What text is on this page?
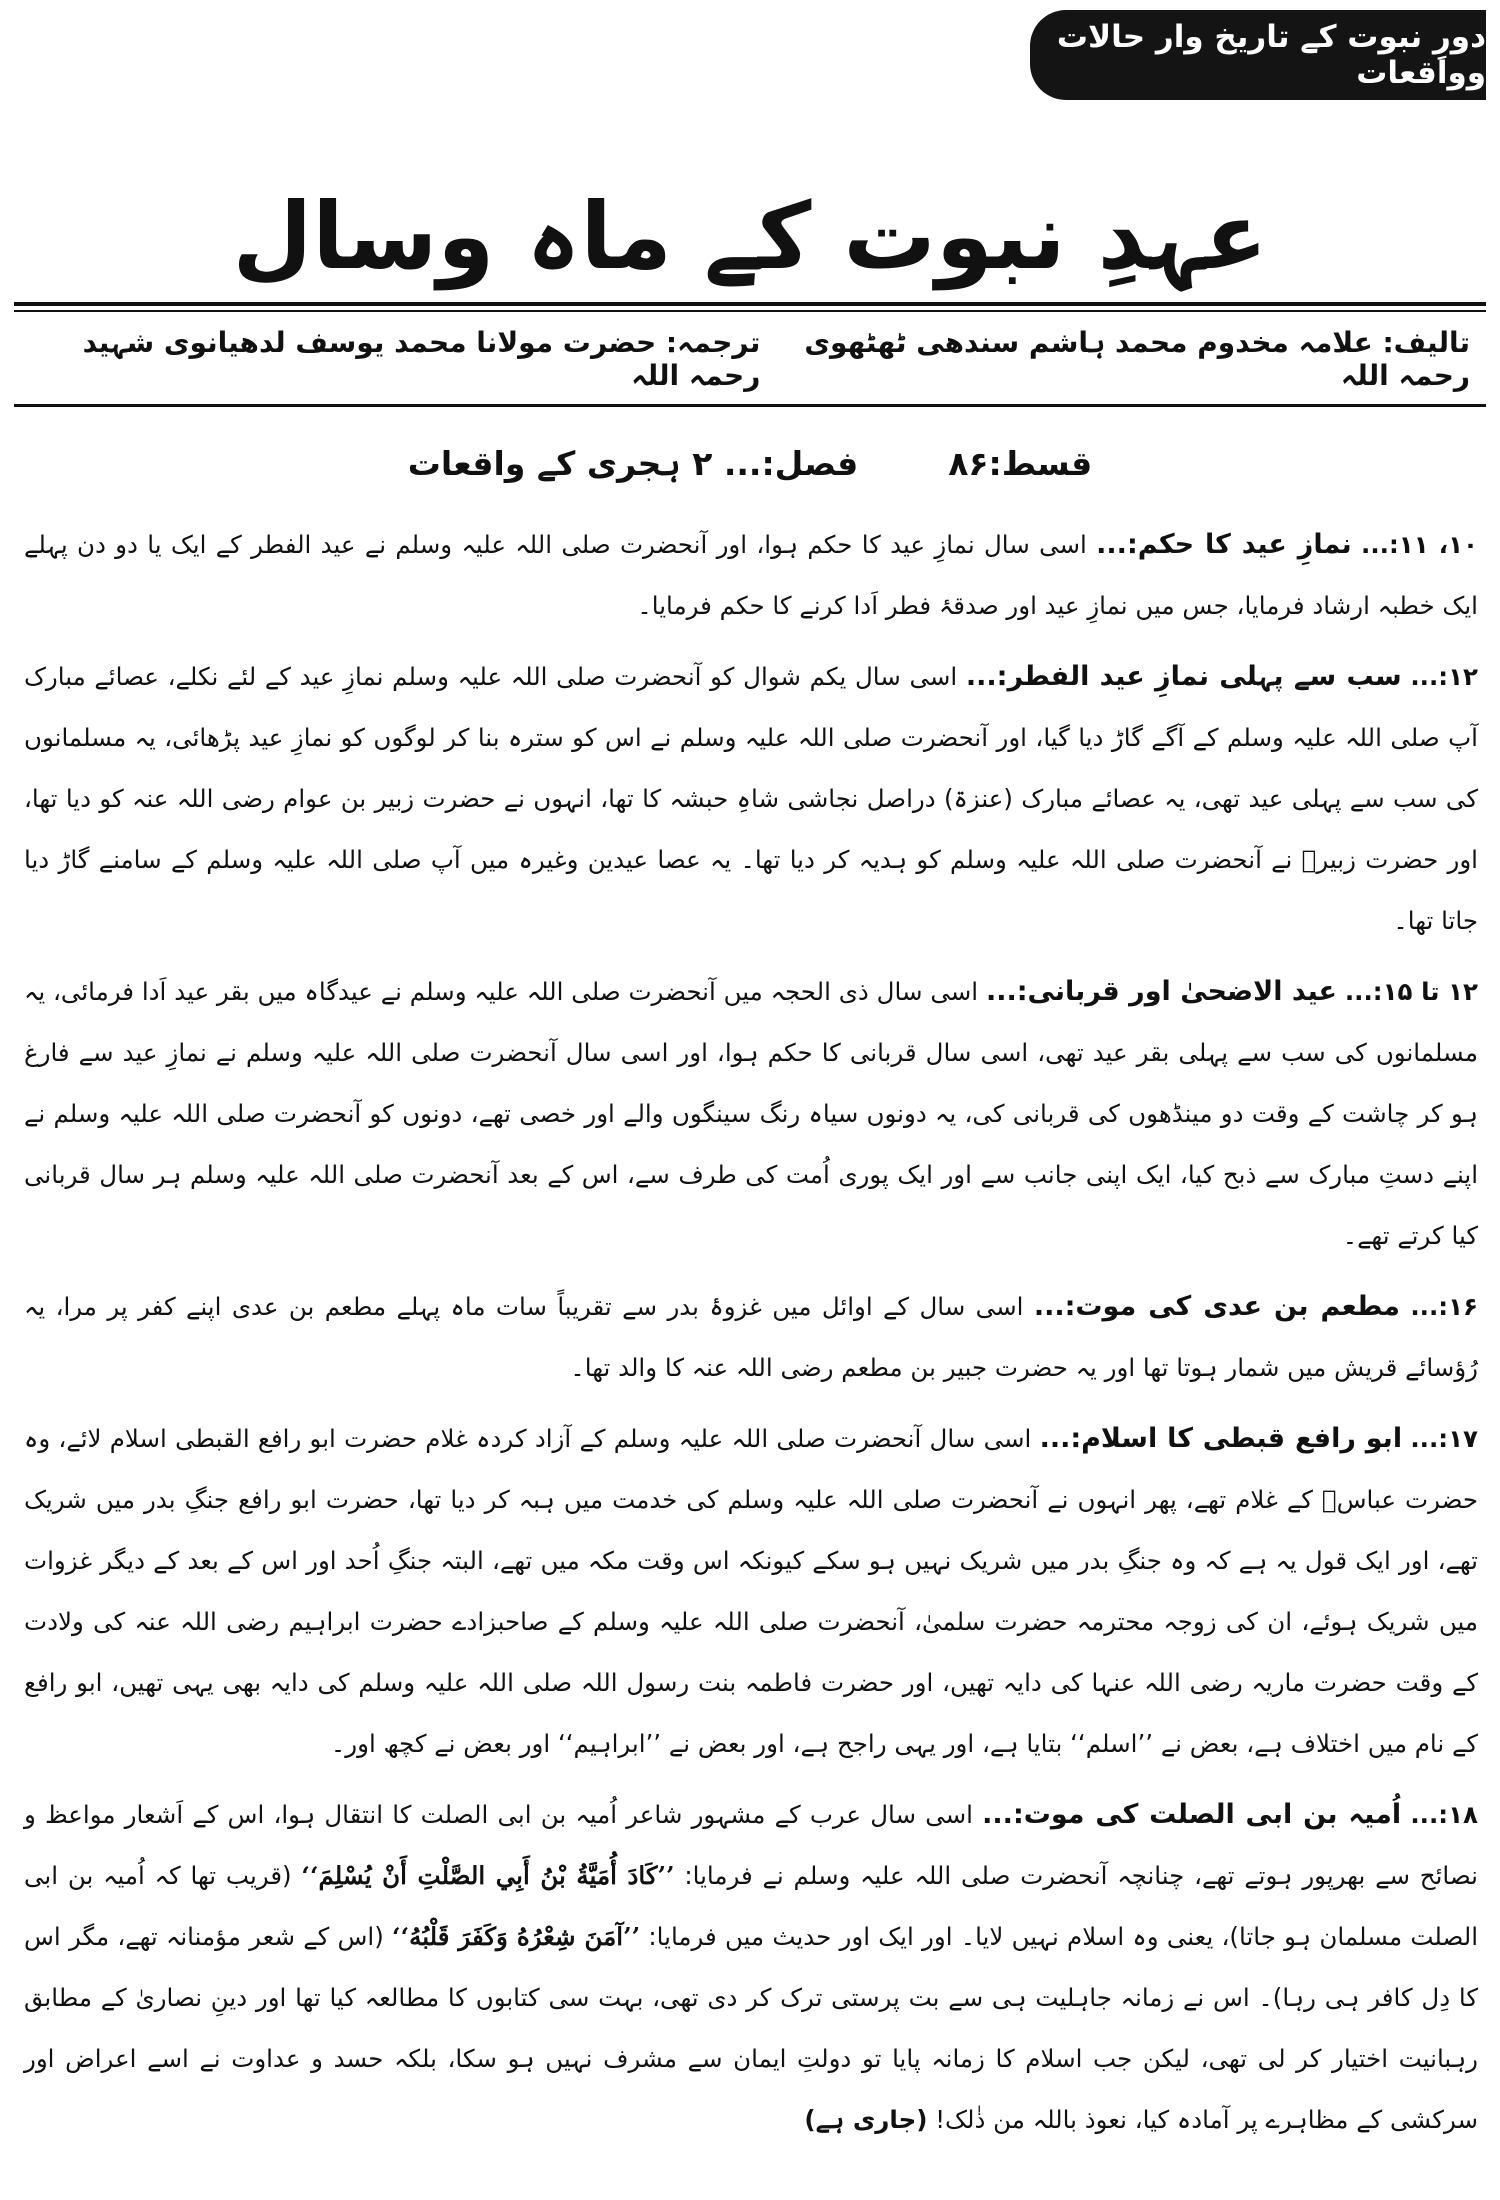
دورِ نبوت کے تاریخ وار حالات وواقعات
عہدِ نبوت کے ماہ وسال
تالیف: علامہ مخدوم محمد ہاشم سندھی ٹھٹھوی رحمہ اللہ
ترجمہ: حضرت مولانا محمد یوسف لدھیانوی شہید رحمہ اللہ
قسط:۸۶
فصل:... ۲ ہجری کے واقعات

۱۰، ۱۱:... نمازِ عید کا حکم:... اسی سال نمازِ عید کا حکم ہوا، اور آنحضرت صلی اللہ علیہ وسلم نے عید الفطر کے ایک یا دو دن پہلے ایک خطبہ ارشاد فرمایا، جس میں نمازِ عید اور صدقۂ فطر اَدا کرنے کا حکم فرمایا۔

۱۲:... سب سے پہلی نمازِ عید الفطر:... اسی سال یکم شوال کو آنحضرت صلی اللہ علیہ وسلم نمازِ عید کے لئے نکلے، عصائے مبارک آپ صلی اللہ علیہ وسلم کے آگے گاڑ دیا گیا، اور آنحضرت صلی اللہ علیہ وسلم نے اس کو سترہ بنا کر لوگوں کو نمازِ عید پڑھائی، یہ مسلمانوں کی سب سے پہلی عید تھی، یہ عصائے مبارک (عنزۃ) دراصل نجاشی شاہِ حبشہ کا تھا، انہوں نے حضرت زبیر بن عوام رضی اللہ عنہ کو دیا تھا، اور حضرت زبیرؓ نے آنحضرت صلی اللہ علیہ وسلم کو ہدیہ کر دیا تھا۔ یہ عصا عیدین وغیرہ میں آپ صلی اللہ علیہ وسلم کے سامنے گاڑ دیا جاتا تھا۔

۱۲ تا ۱۵:... عید الاضحیٰ اور قربانی:... اسی سال ذی الحجہ میں آنحضرت صلی اللہ علیہ وسلم نے عیدگاہ میں بقر عید اَدا فرمائی، یہ مسلمانوں کی سب سے پہلی بقر عید تھی، اسی سال قربانی کا حکم ہوا، اور اسی سال آنحضرت صلی اللہ علیہ وسلم نے نمازِ عید سے فارغ ہو کر چاشت کے وقت دو مینڈھوں کی قربانی کی، یہ دونوں سیاہ رنگ سینگوں والے اور خصی تھے، دونوں کو آنحضرت صلی اللہ علیہ وسلم نے اپنے دستِ مبارک سے ذبح کیا، ایک اپنی جانب سے اور ایک پوری اُمت کی طرف سے، اس کے بعد آنحضرت صلی اللہ علیہ وسلم ہر سال قربانی کیا کرتے تھے۔

۱۶:... مطعم بن عدی کی موت:... اسی سال کے اوائل میں غزوۂ بدر سے تقریباً سات ماہ پہلے مطعم بن عدی اپنے کفر پر مرا، یہ رُؤسائے قریش میں شمار ہوتا تھا اور یہ حضرت جبیر بن مطعم رضی اللہ عنہ کا والد تھا۔

۱۷:... ابو رافع قبطی کا اسلام:... اسی سال آنحضرت صلی اللہ علیہ وسلم کے آزاد کردہ غلام حضرت ابو رافع القبطی اسلام لائے، وہ حضرت عباسؓ کے غلام تھے، پھر انہوں نے آنحضرت صلی اللہ علیہ وسلم کی خدمت میں ہبہ کر دیا تھا، حضرت ابو رافع جنگِ بدر میں شریک تھے، اور ایک قول یہ ہے کہ وہ جنگِ بدر میں شریک نہیں ہو سکے کیونکہ اس وقت مکہ میں تھے، البتہ جنگِ اُحد اور اس کے بعد کے دیگر غزوات میں شریک ہوئے، ان کی زوجہ محترمہ حضرت سلمیٰ، آنحضرت صلی اللہ علیہ وسلم کے صاحبزادے حضرت ابراہیم رضی اللہ عنہ کی ولادت کے وقت حضرت ماریہ رضی اللہ عنہا کی دایہ تھیں، اور حضرت فاطمہ بنت رسول اللہ صلی اللہ علیہ وسلم کی دایہ بھی یہی تھیں، ابو رافع کے نام میں اختلاف ہے، بعض نے ’’اسلم‘‘ بتایا ہے، اور یہی راجح ہے، اور بعض نے ’’ابراہیم‘‘ اور بعض نے کچھ اور۔

۱۸:... اُمیہ بن ابی الصلت کی موت:... اسی سال عرب کے مشہور شاعر اُمیہ بن ابی الصلت کا انتقال ہوا، اس کے اَشعار مواعظ و نصائح سے بھرپور ہوتے تھے، چنانچہ آنحضرت صلی اللہ علیہ وسلم نے فرمایا: ’’كَادَ أُمَيَّةُ بْنُ أَبِي الصَّلْتِ أَنْ يُسْلِمَ‘‘ (قریب تھا کہ اُمیہ بن ابی الصلت مسلمان ہو جاتا)، یعنی وہ اسلام نہیں لایا۔ اور ایک اور حدیث میں فرمایا: ’’آمَنَ شِعْرُهُ وَكَفَرَ قَلْبُهُ‘‘ (اس کے شعر مؤمنانہ تھے، مگر اس کا دِل کافر ہی رہا)۔ اس نے زمانہ جاہلیت ہی سے بت پرستی ترک کر دی تھی، بہت سی کتابوں کا مطالعہ کیا تھا اور دینِ نصاریٰ کے مطابق رہبانیت اختیار کر لی تھی، لیکن جب اسلام کا زمانہ پایا تو دولتِ ایمان سے مشرف نہیں ہو سکا، بلکہ حسد و عداوت نے اسے اعراض اور سرکشی کے مظاہرے پر آمادہ کیا، نعوذ باللہ من ذٰلک! (جاری ہے)
